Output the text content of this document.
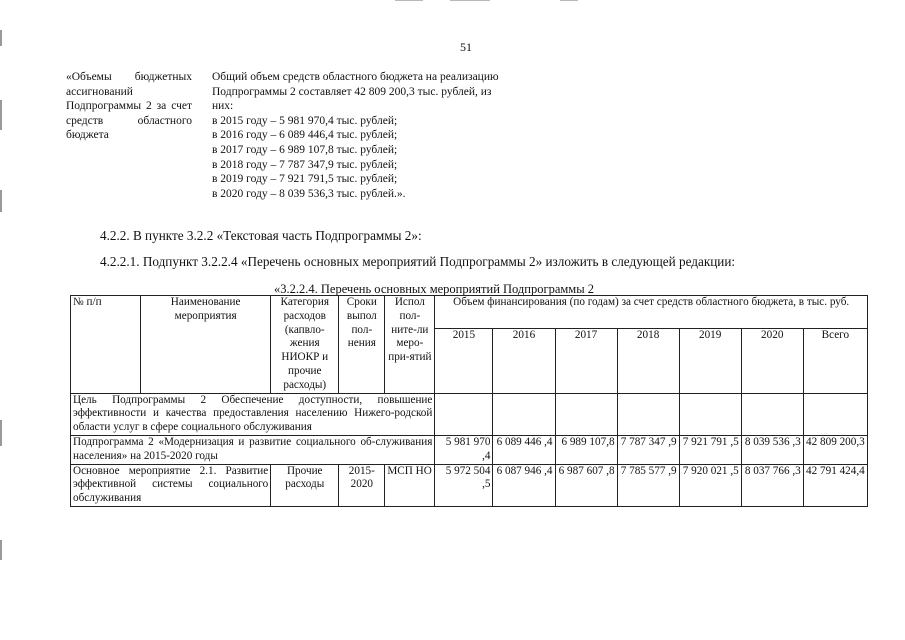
51
«Объемы бюджетных ассигнований Подпрограммы 2 за счет средств областного бюджета
Общий объем средств областного бюджета на реализацию
Подпрограммы 2 составляет 42 809 200,3 тыс. рублей, из
них:
в 2015 году – 5 981 970,4 тыс. рублей;
в 2016 году – 6 089 446,4 тыс. рублей;
в 2017 году – 6 989 107,8 тыс. рублей;
в 2018 году – 7 787 347,9 тыс. рублей;
в 2019 году – 7 921 791,5 тыс. рублей;
в 2020 году – 8 039 536,3 тыс. рублей.».
4.2.2. В пункте 3.2.2 «Текстовая часть Подпрограммы 2»:
4.2.2.1. Подпункт 3.2.2.4 «Перечень основных мероприятий Подпрограммы 2» изложить в следующей редакции:
«3.2.2.4. Перечень основных мероприятий Подпрограммы 2
№ п/п	Наименование мероприятия	Категория расходов (капвло-жения НИОКР и прочие расходы)	Сроки выпол пол-нения	Испол пол-ните-ли меро-при-ятий	Объем финансирования (по годам) за счет средств областного бюджета, в тыс. руб.						
					2015	2016	2017	2018	2019	2020	Всего
Цель Подпрограммы 2 Обеспечение доступности, повышение эффективности и качества предоставления населению Нижего-родской области услуг в сфере социального обслуживания											
Подпрограмма 2 «Модернизация и развитие социального об-служивания населения» на 2015-2020 годы					5 981 970 ,4	6 089 446 ,4	6 989 107,8	7 787 347 ,9	7 921 791 ,5	8 039 536 ,3	42 809 200,3
Основное мероприятие 2.1. Развитие эффективной системы социального обслуживания		Прочие расходы	2015-2020	МСП НО	5 972 504 ,5	6 087 946 ,4	6 987 607 ,8	7 785 577 ,9	7 920 021 ,5	8 037 766 ,3	42 791 424,4
